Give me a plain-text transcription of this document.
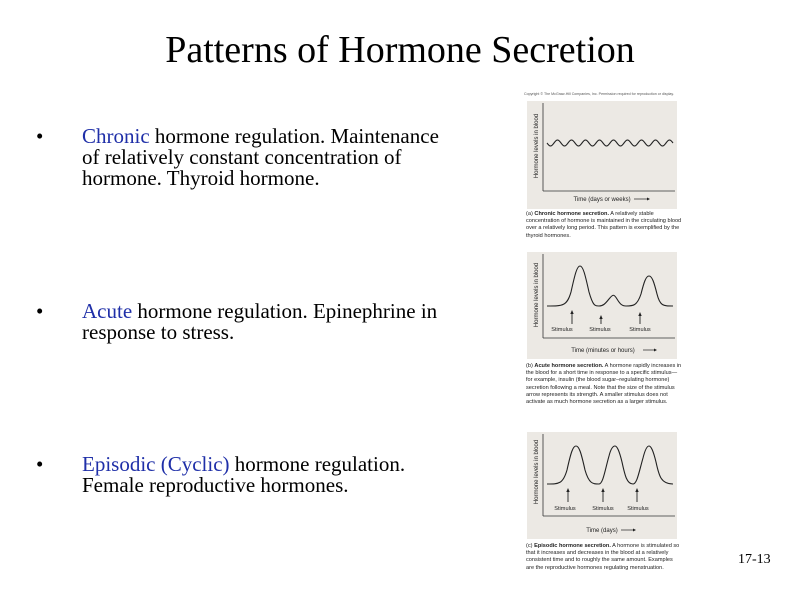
Patterns of Hormone Secretion
• Chronic hormone regulation. Maintenance of relatively constant concentration of hormone. Thyroid hormone.
• Acute hormone regulation. Epinephrine in response to stress.
• Episodic (Cyclic) hormone regulation. Female reproductive hormones.
Copyright © The McGraw-Hill Companies, Inc. Permission required for reproduction or display.
Hormone levels in blood
Time (days or weeks)
(a) Chronic hormone secretion. A relatively stable concentration of hormone is maintained in the circulating blood over a relatively long period. This pattern is exemplified by the thyroid hormones.
Hormone levels in blood
Stimulus	Stimulus	Stimulus
Time (minutes or hours)
(b) Acute hormone secretion. A hormone rapidly increases in the blood for a short time in response to a specific stimulus—for example, insulin (the blood sugar–regulating hormone) secretion following a meal. Note that the size of the stimulus arrow represents its strength. A smaller stimulus does not activate as much hormone secretion as a larger stimulus.
Hormone levels in blood
Stimulus	Stimulus Stimulus
Time (days)
(c) Episodic hormone secretion. A hormone is stimulated so that it increases and decreases in the blood at a relatively consistent time and to roughly the same amount. Examples are the reproductive hormones regulating menstruation.
17-13
